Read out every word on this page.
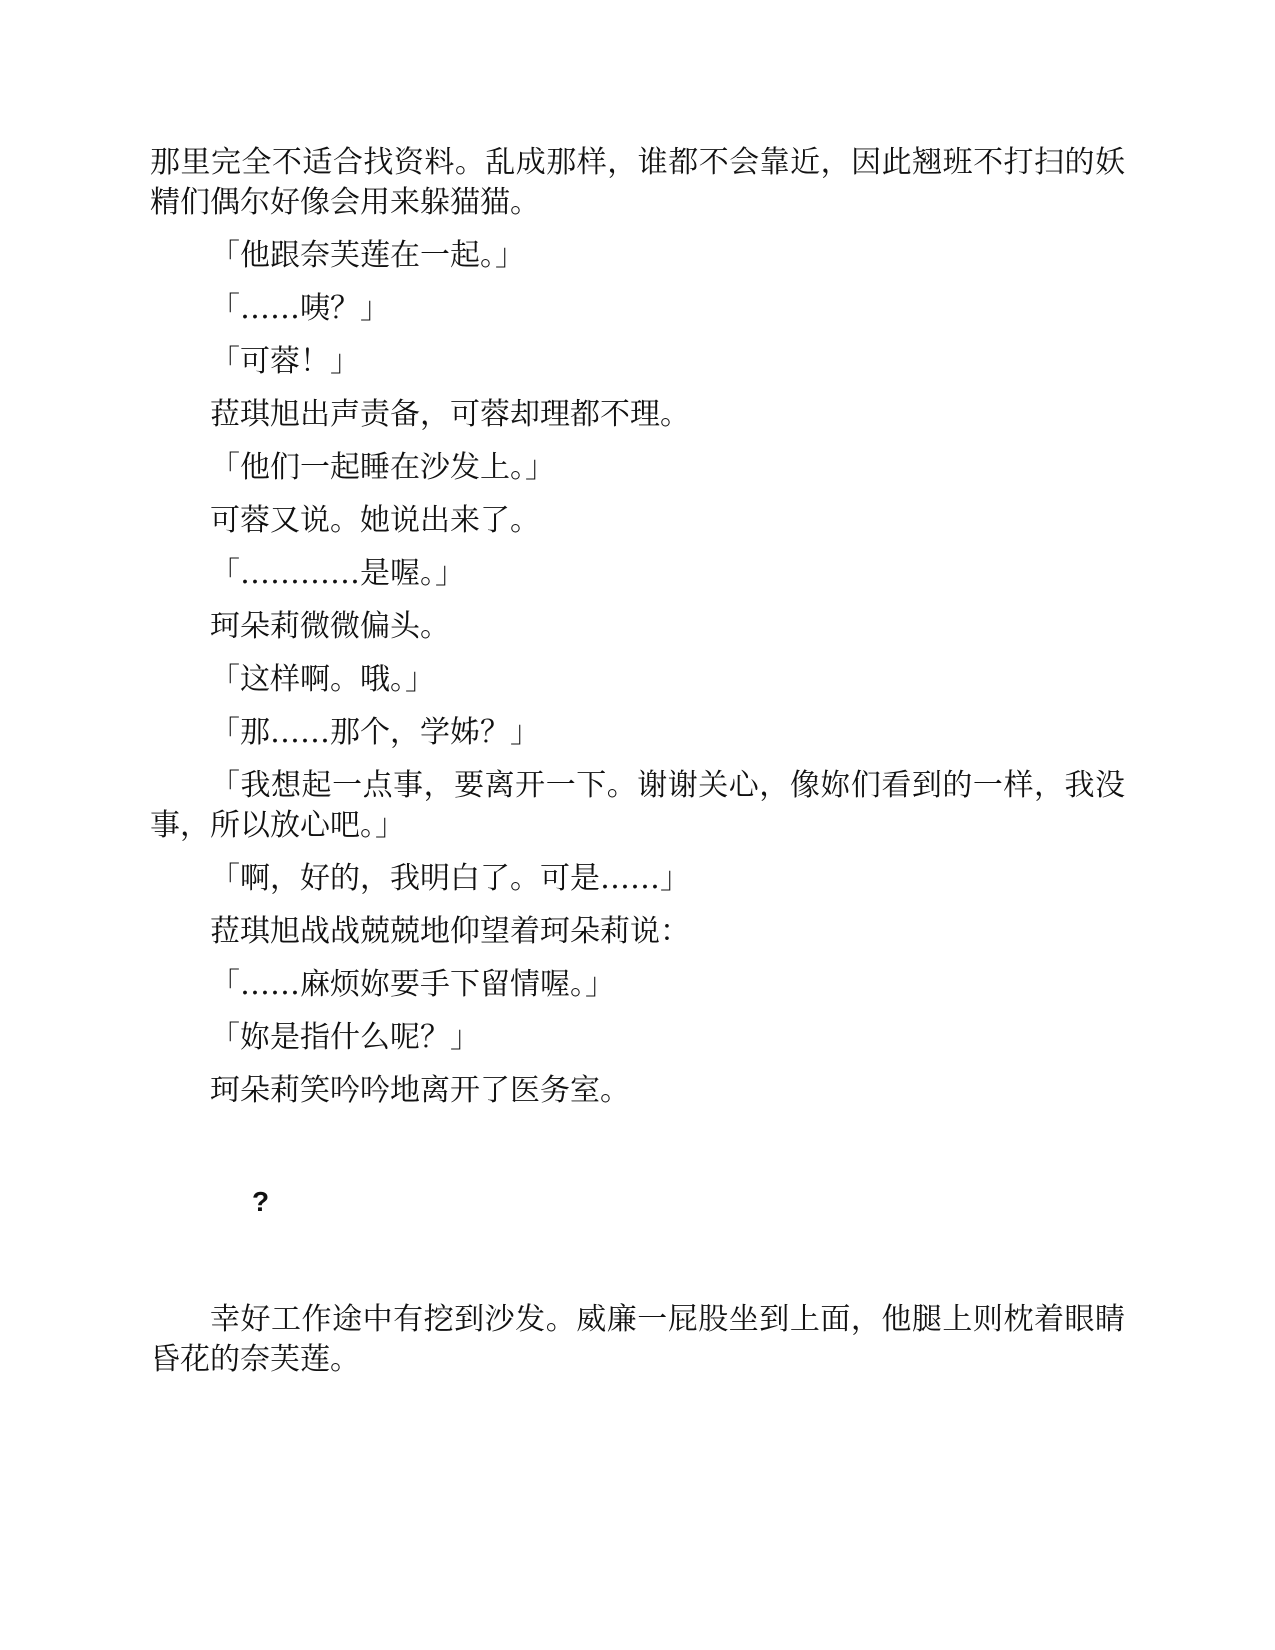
那里完全不适合找资料。乱成那样，谁都不会靠近，因此翘班不打扫的妖精们偶尔好像会用来躲猫猫。

「他跟奈芙莲在一起。」

「……咦？」

「可蓉！」

菈琪旭出声责备，可蓉却理都不理。

「他们一起睡在沙发上。」

可蓉又说。她说出来了。

「…………是喔。」

珂朵莉微微偏头。

「这样啊。哦。」

「那……那个，学姊？」

「我想起一点事，要离开一下。谢谢关心，像妳们看到的一样，我没事，所以放心吧。」

「啊，好的，我明白了。可是……」

菈琪旭战战兢兢地仰望着珂朵莉说：

「……麻烦妳要手下留情喔。」

「妳是指什么呢？」

珂朵莉笑吟吟地离开了医务室。

?

幸好工作途中有挖到沙发。威廉一屁股坐到上面，他腿上则枕着眼睛昏花的奈芙莲。
